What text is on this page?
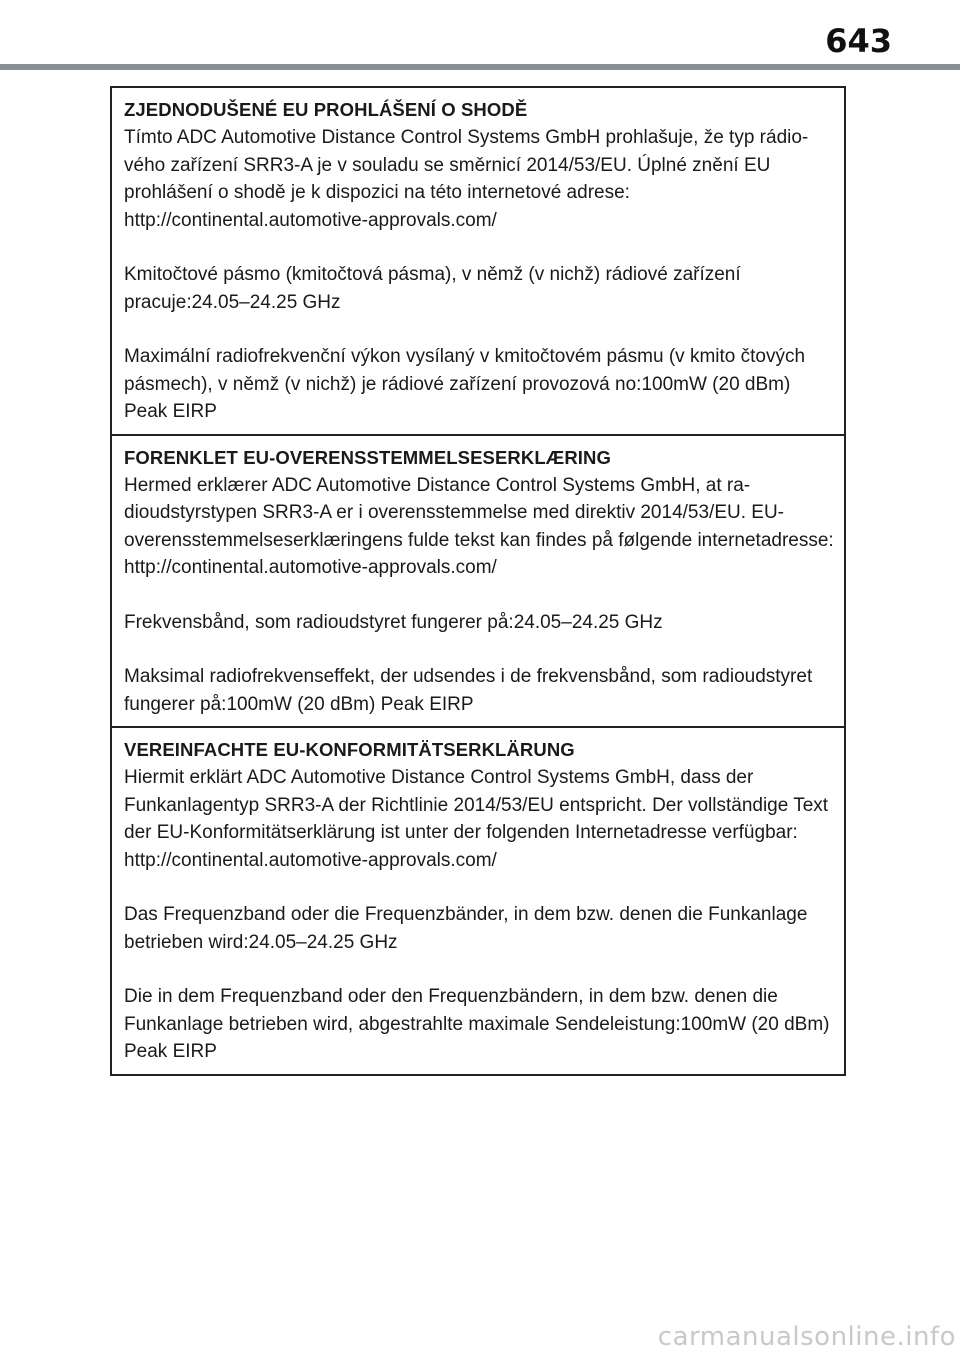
643

ZJEDNODUŠENÉ EU PROHLÁŠENÍ O SHODĚ

Tímto ADC Automotive Distance Control Systems GmbH prohlašuje, že typ rádio-vého zařízení SRR3-A je v souladu se směrnicí 2014/53/EU. Úplné znění EU prohlášení o shodě je k dispozici na této internetové adrese:

http://continental.automotive-approvals.com/

Kmitočtové pásmo (kmitočtová pásma), v němž (v nichž) rádiové zařízení pracuje:24.05–24.25 GHz

Maximální radiofrekvenční výkon vysílaný v kmitočtovém pásmu (v kmito čtových pásmech), v němž (v nichž) je rádiové zařízení provozová no:100mW (20 dBm) Peak EIRP

FORENKLET EU-OVERENSSTEMMELSESERKLÆRING

Hermed erklærer ADC Automotive Distance Control Systems GmbH, at ra-dioudstyrstypen SRR3-A er i overensstemmelse med direktiv 2014/53/EU. EU-overensstemmelseserklæringens fulde tekst kan findes på følgende internetadresse:

http://continental.automotive-approvals.com/

Frekvensbånd, som radioudstyret fungerer på:24.05–24.25 GHz

Maksimal radiofrekvenseffekt, der udsendes i de frekvensbånd, som radioudstyret fungerer på:100mW (20 dBm) Peak EIRP

VEREINFACHTE EU-KONFORMITÄTSERKLÄRUNG

Hiermit erklärt ADC Automotive Distance Control Systems GmbH, dass der Funkanlagentyp SRR3-A der Richtlinie 2014/53/EU entspricht. Der vollständige Text der EU-Konformitätserklärung ist unter der folgenden Internetadresse verfügbar:

http://continental.automotive-approvals.com/

Das Frequenzband oder die Frequenzbänder, in dem bzw. denen die Funkanlage betrieben wird:24.05–24.25 GHz

Die in dem Frequenzband oder den Frequenzbändern, in dem bzw. denen die Funkanlage betrieben wird, abgestrahlte maximale Sendeleistung:100mW (20 dBm) Peak EIRP

carmanualsonline.info
